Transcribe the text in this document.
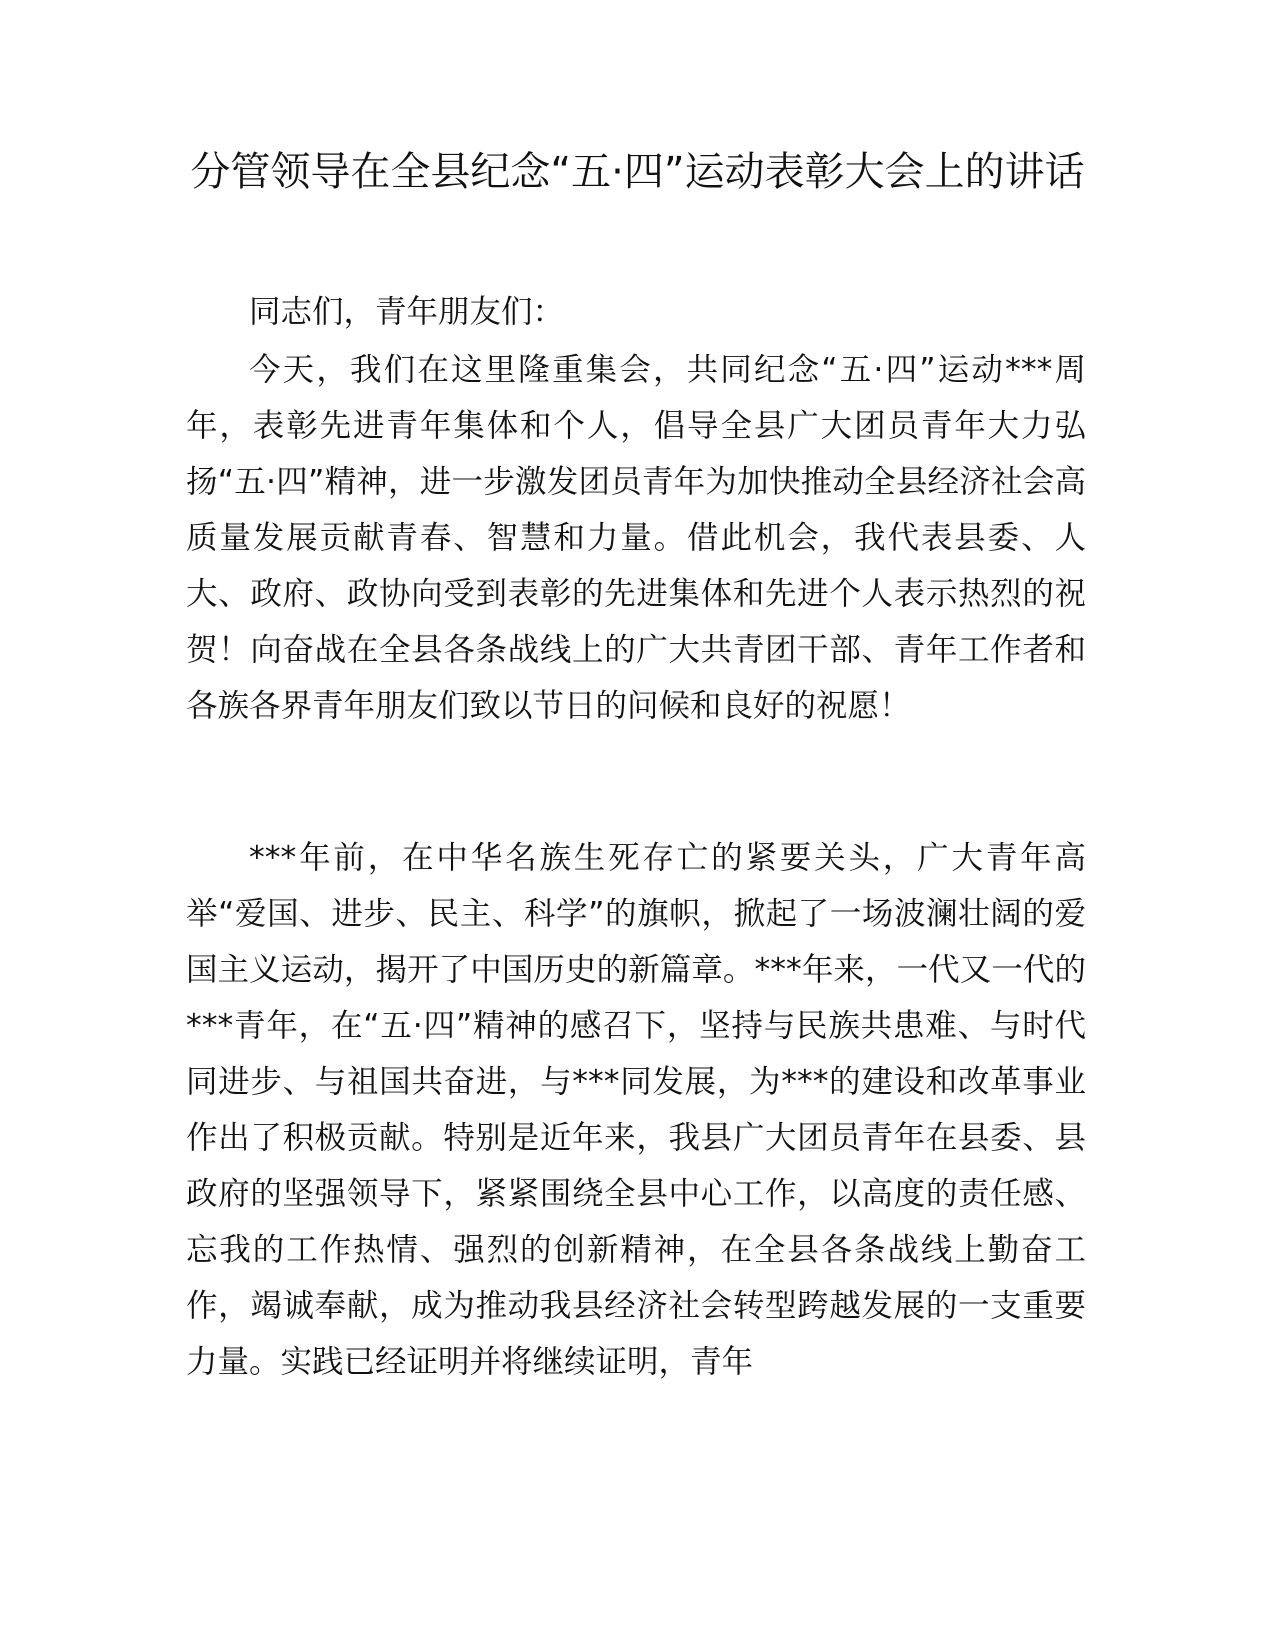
分管领导在全县纪念“五·四”运动表彰大会上的讲话

同志们，青年朋友们：

今天，我们在这里隆重集会，共同纪念“五·四”运动***周年，表彰先进青年集体和个人，倡导全县广大团员青年大力弘扬“五·四”精神，进一步激发团员青年为加快推动全县经济社会高质量发展贡献青春、智慧和力量。借此机会，我代表县委、人大、政府、政协向受到表彰的先进集体和先进个人表示热烈的祝贺！向奋战在全县各条战线上的广大共青团干部、青年工作者和各族各界青年朋友们致以节日的问候和良好的祝愿！

***年前，在中华名族生死存亡的紧要关头，广大青年高举“爱国、进步、民主、科学”的旗帜，掀起了一场波澜壮阔的爱国主义运动，揭开了中国历史的新篇章。***年来，一代又一代的***青年，在“五·四”精神的感召下，坚持与民族共患难、与时代同进步、与祖国共奋进，与***同发展，为***的建设和改革事业作出了积极贡献。特别是近年来，我县广大团员青年在县委、县政府的坚强领导下，紧紧围绕全县中心工作，以高度的责任感、忘我的工作热情、强烈的创新精神，在全县各条战线上勤奋工作，竭诚奉献，成为推动我县经济社会转型跨越发展的一支重要力量。实践已经证明并将继续证明，青年
